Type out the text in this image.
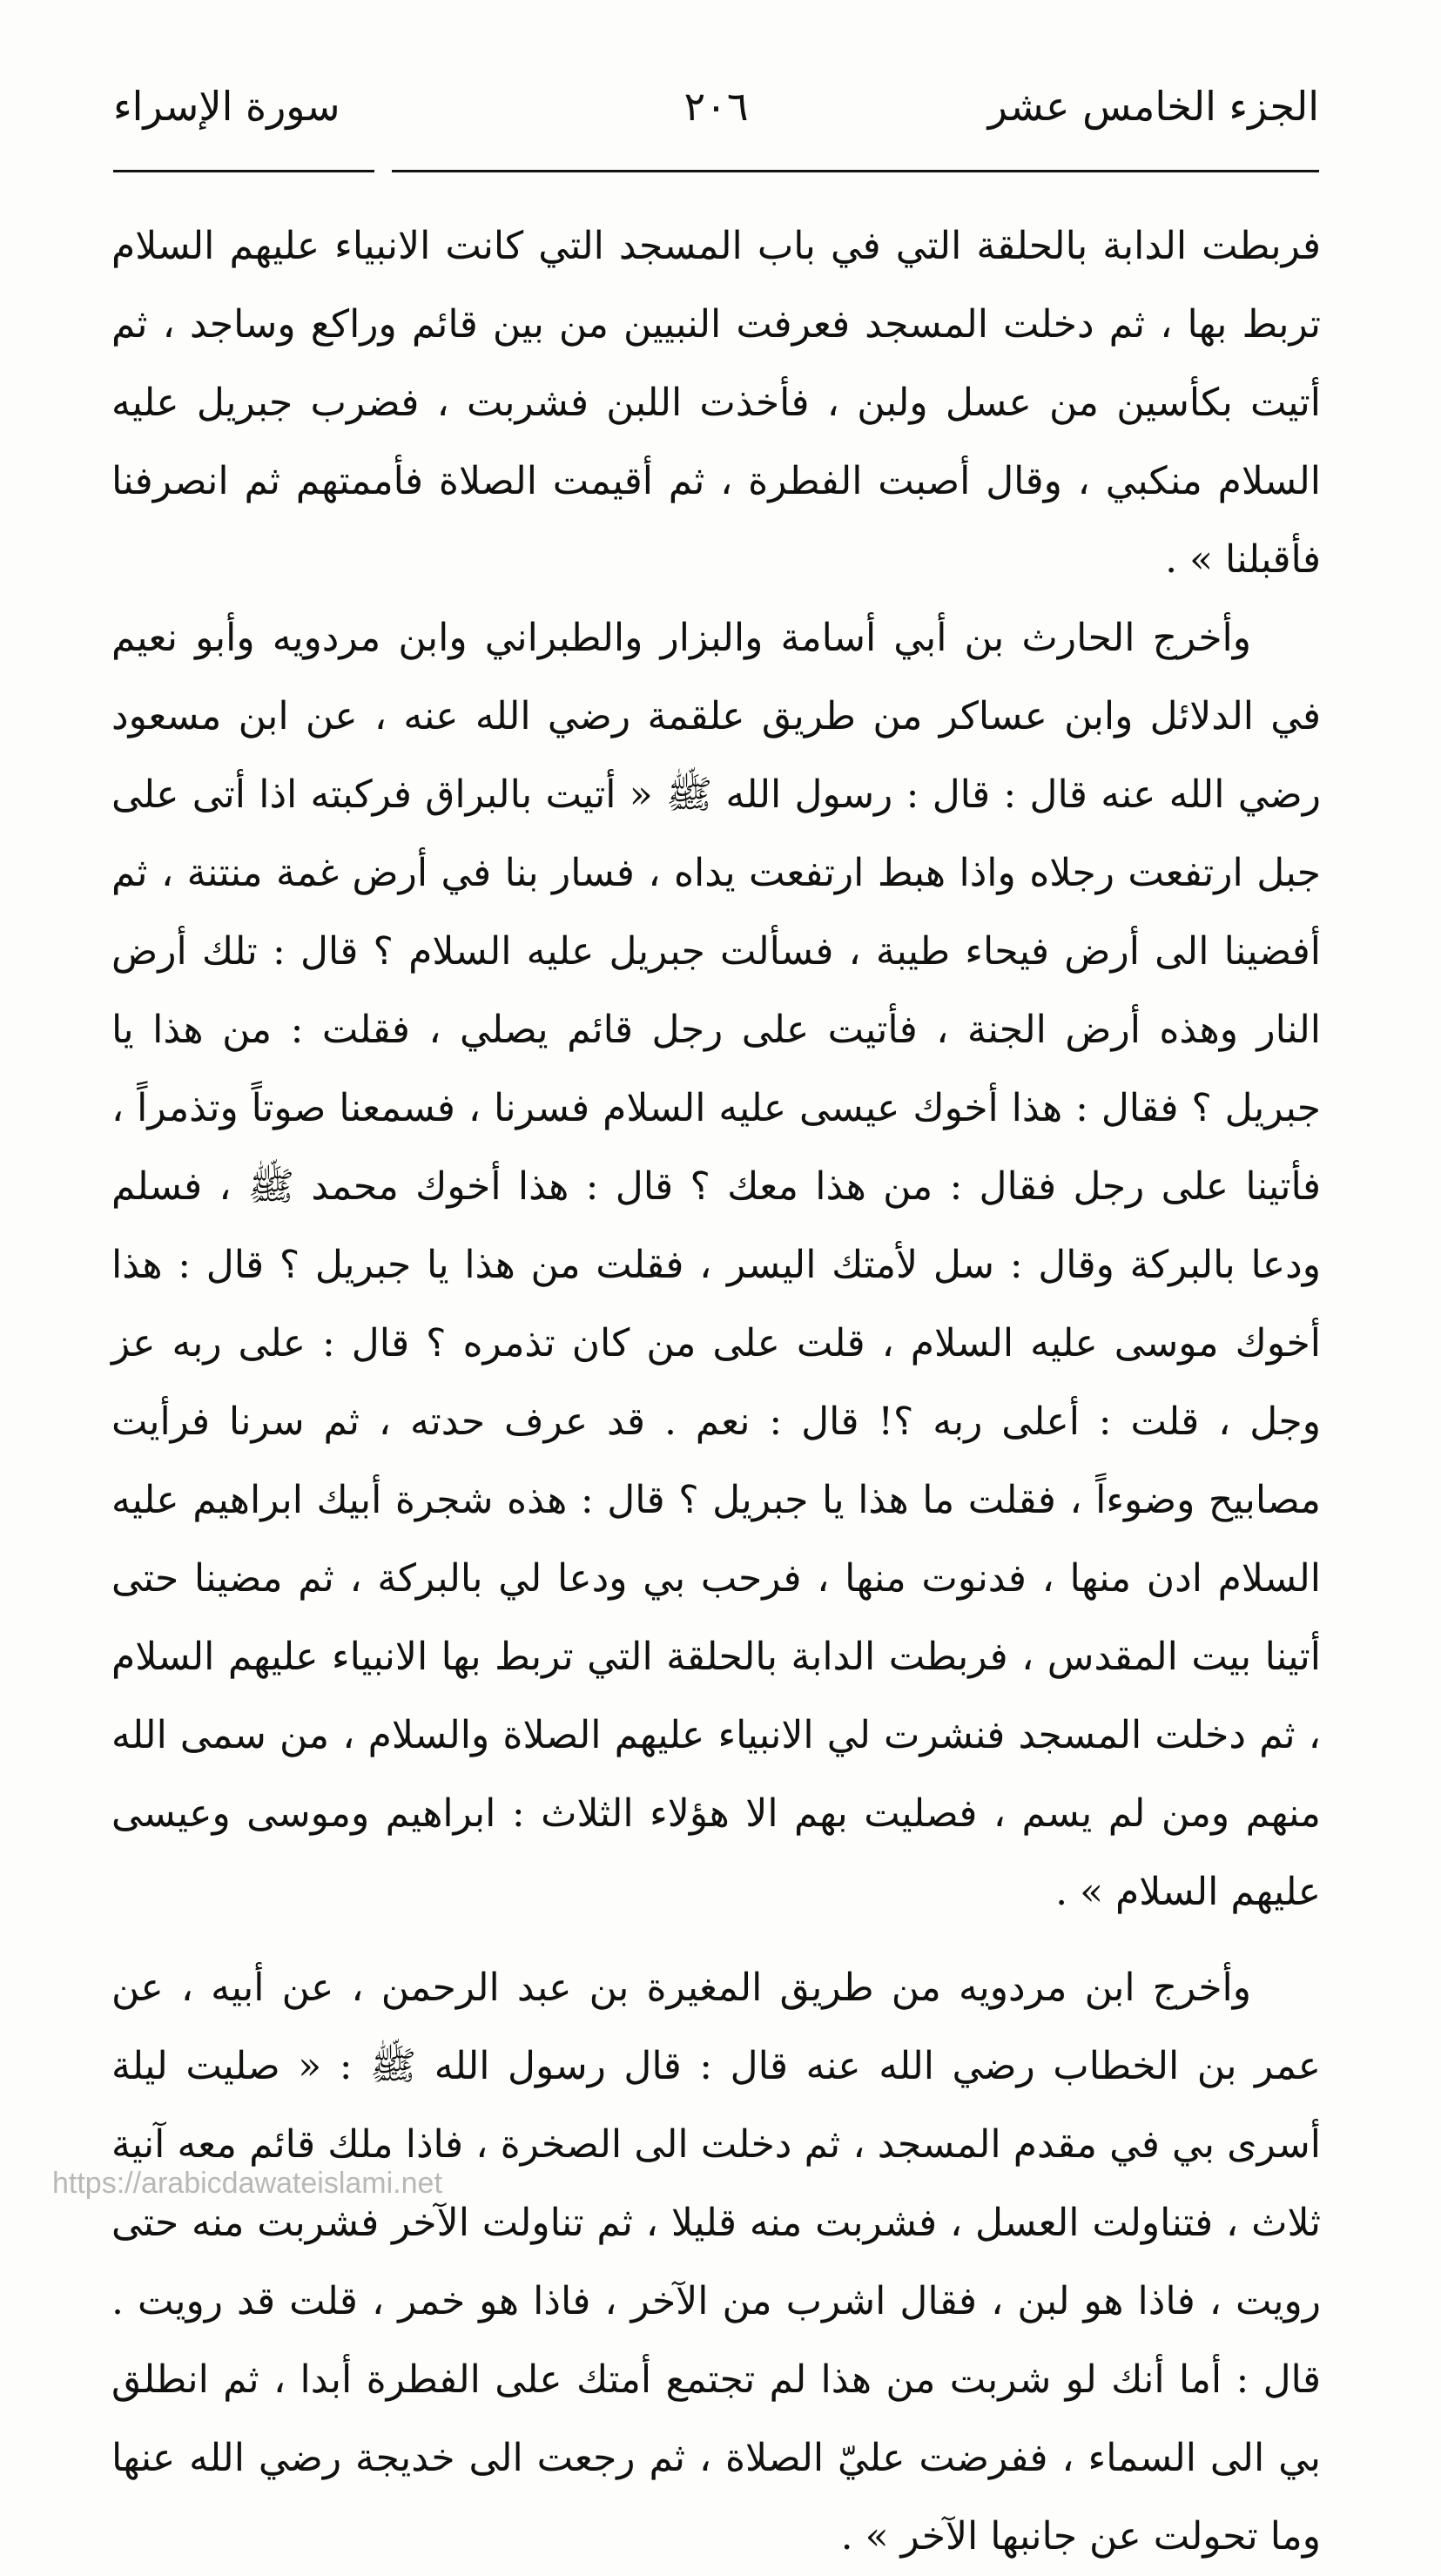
الجزء الخامس عشر
٢٠٦
سورة الإسراء

فربطت الدابة بالحلقة التي في باب المسجد التي كانت الانبياء عليهم السلام تربط بها ، ثم دخلت المسجد فعرفت النبيين من بين قائم وراكع وساجد ، ثم أتيت بكأسين من عسل ولبن ، فأخذت اللبن فشربت ، فضرب جبريل عليه السلام منكبي ، وقال أصبت الفطرة ، ثم أقيمت الصلاة فأممتهم ثم انصرفنا فأقبلنا » .

وأخرج الحارث بن أبي أسامة والبزار والطبراني وابن مردويه وأبو نعيم في الدلائل وابن عساكر من طريق علقمة رضي الله عنه ، عن ابن مسعود رضي الله عنه قال : قال : رسول الله ﷺ « أتيت بالبراق فركبته اذا أتى على جبل ارتفعت رجلاه واذا هبط ارتفعت يداه ، فسار بنا في أرض غمة منتنة ، ثم أفضينا الى أرض فيحاء طيبة ، فسألت جبريل عليه السلام ؟ قال : تلك أرض النار وهذه أرض الجنة ، فأتيت على رجل قائم يصلي ، فقلت : من هذا يا جبريل ؟ فقال : هذا أخوك عيسى عليه السلام فسرنا ، فسمعنا صوتاً وتذمراً ، فأتينا على رجل فقال : من هذا معك ؟ قال : هذا أخوك محمد ﷺ ، فسلم ودعا بالبركة وقال : سل لأمتك اليسر ، فقلت من هذا يا جبريل ؟ قال : هذا أخوك موسى عليه السلام ، قلت على من كان تذمره ؟ قال : على ربه عز وجل ، قلت : أعلى ربه ؟! قال : نعم . قد عرف حدته ، ثم سرنا فرأيت مصابيح وضوءاً ، فقلت ما هذا يا جبريل ؟ قال : هذه شجرة أبيك ابراهيم عليه السلام ادن منها ، فدنوت منها ، فرحب بي ودعا لي بالبركة ، ثم مضينا حتى أتينا بيت المقدس ، فربطت الدابة بالحلقة التي تربط بها الانبياء عليهم السلام ، ثم دخلت المسجد فنشرت لي الانبياء عليهم الصلاة والسلام ، من سمى الله منهم ومن لم يسم ، فصليت بهم الا هؤلاء الثلاث : ابراهيم وموسى وعيسى عليهم السلام » .

وأخرج ابن مردويه من طريق المغيرة بن عبد الرحمن ، عن أبيه ، عن عمر بن الخطاب رضي الله عنه قال : قال رسول الله ﷺ : « صليت ليلة أسرى بي في مقدم المسجد ، ثم دخلت الى الصخرة ، فاذا ملك قائم معه آنية ثلاث ، فتناولت العسل ، فشربت منه قليلا ، ثم تناولت الآخر فشربت منه حتى رويت ، فاذا هو لبن ، فقال اشرب من الآخر ، فاذا هو خمر ، قلت قد رويت . قال : أما أنك لو شربت من هذا لم تجتمع أمتك على الفطرة أبدا ، ثم انطلق بي الى السماء ، ففرضت عليّ الصلاة ، ثم رجعت الى خديجة رضي الله عنها وما تحولت عن جانبها الآخر » .

https://arabicdawateislami.net
